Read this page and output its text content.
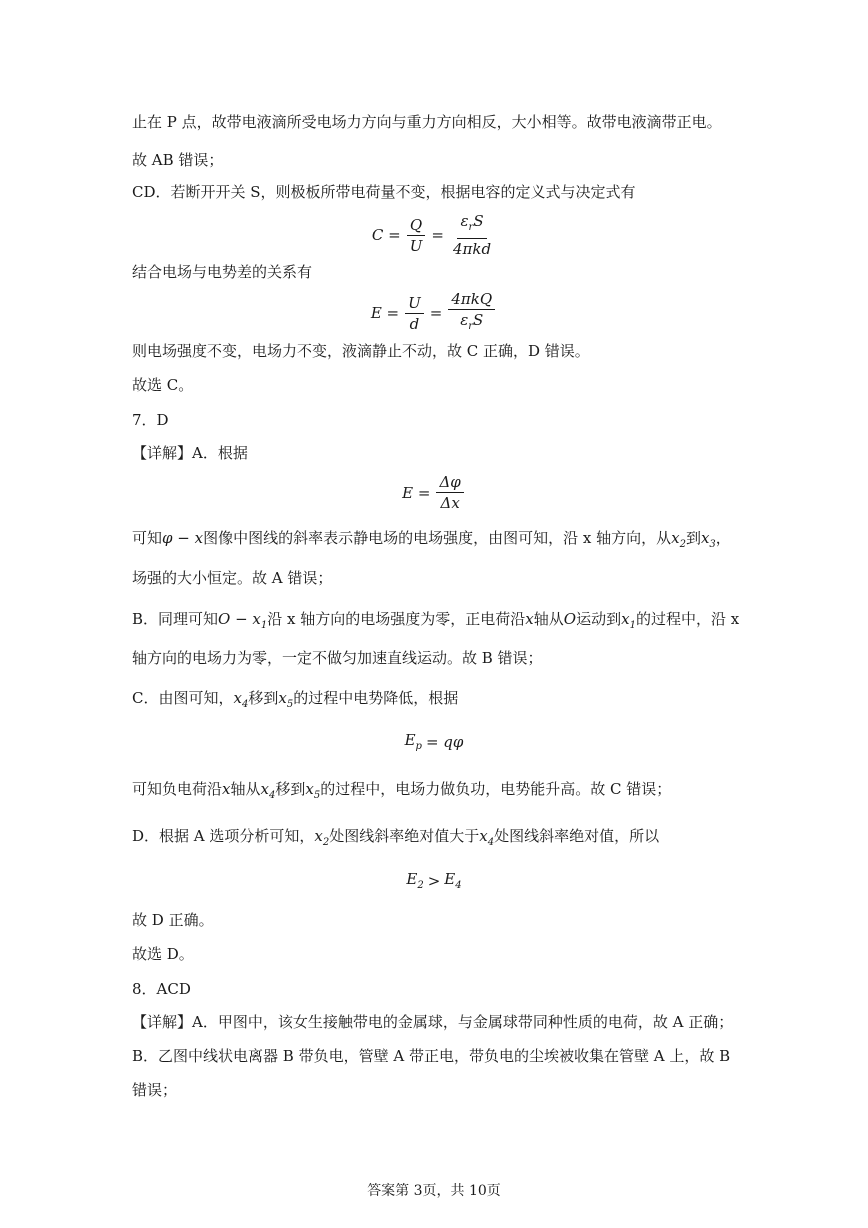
止在 P 点，故带电液滴所受电场力方向与重力方向相反，大小相等。故带电液滴带正电。
故 AB 错误；
CD．若断开开关 S，则极板所带电荷量不变，根据电容的定义式与决定式有
$C = \frac{Q}{U} = \frac{\varepsilon_rS}{\text{4πkd}}$
结合电场与电势差的关系有
$E = \frac{U}{d} = \frac{\text{4πkQ}}{\varepsilon_rS}$
则电场强度不变，电场力不变，液滴静止不动，故 C 正确，D 错误。
故选 C。
7．D
【详解】A．根据
$E = \frac{\Delta\varphi}{\Delta x}$
可知φ − x图像中图线的斜率表示静电场的电场强度，由图可知，沿 x 轴方向，从$x_2$到$x_3$，
场强的大小恒定。故 A 错误；
B．同理可知$O - x_1$沿 x 轴方向的电场强度为零，正电荷沿x轴从O运动到$x_1$的过程中，沿 x
轴方向的电场力为零，一定不做匀加速直线运动。故 B 错误；
C．由图可知，$x_4$移到$x_5$的过程中电势降低，根据
$E_p = q\varphi$
可知负电荷沿x轴从$x_4$移到$x_5$的过程中，电场力做负功，电势能升高。故 C 错误；
D．根据 A 选项分析可知，$x_2$处图线斜率绝对值大于$x_4$处图线斜率绝对值，所以
$E_2 > E_4$
故 D 正确。
故选 D。
8．ACD
【详解】A．甲图中，该女生接触带电的金属球，与金属球带同种性质的电荷，故 A 正确；
B．乙图中线状电离器 B 带负电，管壁 A 带正电，带负电的尘埃被收集在管壁 A 上，故 B
错误；
答案第 3页，共 10页
